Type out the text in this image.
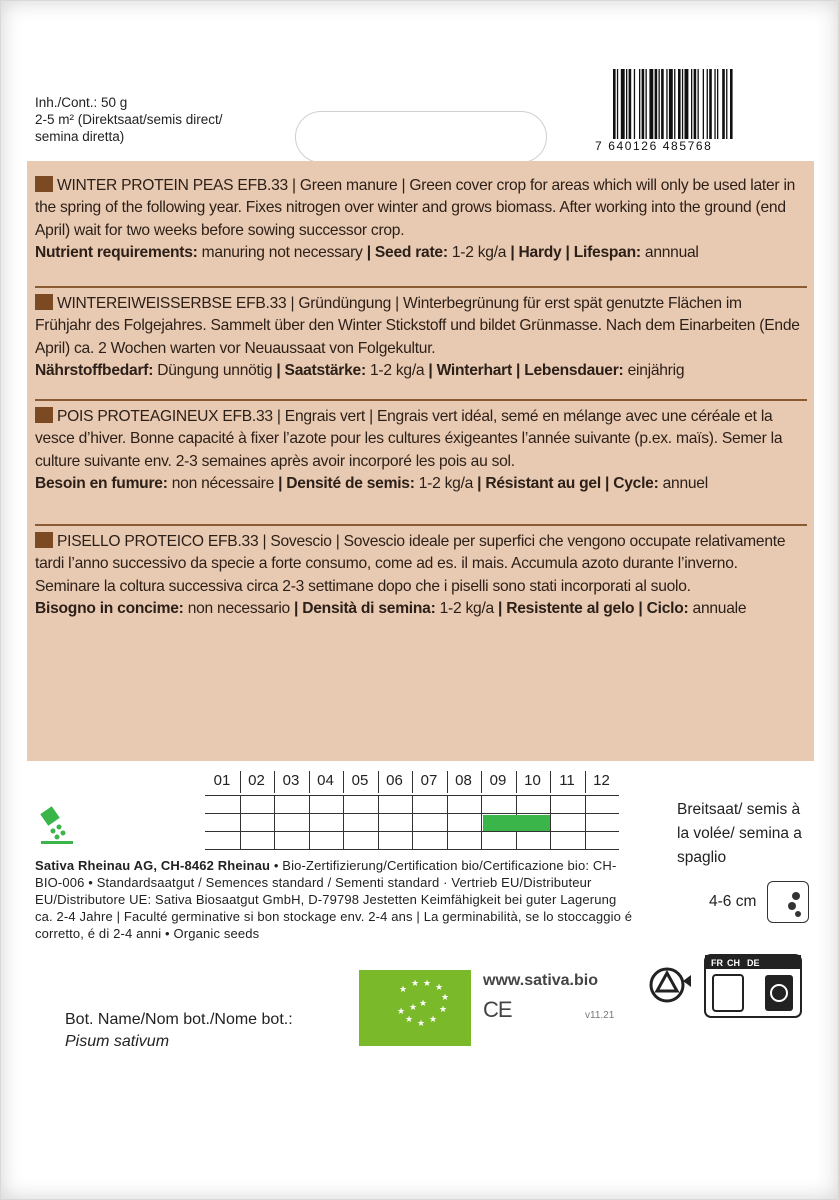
Inh./Cont.: 50 g
2-5 m² (Direktsaat/semis direct/
semina diretta)
7 640126 485768
WINTER PROTEIN PEAS EFB.33 | Green manure | Green cover crop for areas which will only be used later in the spring of the following year. Fixes nitrogen over winter and grows biomass. After working into the ground (end April) wait for two weeks before sowing successor crop.
Nutrient requirements: manuring not necessary | Seed rate: 1-2 kg/a | Hardy | Lifespan: annnual
WINTEREIWEISSERBSE EFB.33 | Gründüngung | Winterbegrünung für erst spät genutzte Flächen im Frühjahr des Folgejahres. Sammelt über den Winter Stickstoff und bildet Grünmasse. Nach dem Einarbeiten (Ende April) ca. 2 Wochen warten vor Neuaussaat von Folgekultur.
Nährstoffbedarf: Düngung unnötig | Saatstärke: 1-2 kg/a | Winterhart | Lebensdauer: einjährig
POIS PROTEAGINEUX EFB.33 | Engrais vert | Engrais vert idéal, semé en mélange avec une céréale et la vesce d’hiver. Bonne capacité à fixer l’azote pour les cultures éxigeantes l’année suivante (p.ex. maïs). Semer la culture suivante env. 2-3 semaines après avoir incorporé les pois au sol.
Besoin en fumure: non nécessaire | Densité de semis: 1-2 kg/a | Résistant au gel | Cycle: annuel
PISELLO PROTEICO EFB.33 | Sovescio | Sovescio ideale per superfici che vengono occupate relativamente tardi l’anno successivo da specie a forte consumo, come ad es. il mais. Accumula azoto durante l’inverno. Seminare la coltura successiva circa 2-3 settimane dopo che i piselli sono stati incorporati al suolo.
Bisogno in concime: non necessario | Densità di semina: 1-2 kg/a | Resistente al gelo | Ciclo: annuale
01	02	03	04	05	06	07	08	09	10	11	12
Breitsaat/ semis à la volée/ semina a spaglio
4-6 cm
Sativa Rheinau AG, CH-8462 Rheinau • Bio-Zertifizierung/Certification bio/Certificazione bio: CH-BIO-006 • Standardsaatgut / Semences standard / Sementi standard · Vertrieb EU/Distributeur EU/Distributore UE: Sativa Biosaatgut GmbH, D-79798 Jestetten Keimfähigkeit bei guter Lagerung ca. 2-4 Jahre | Faculté germinative si bon stockage env. 2-4 ans | La germinabilità, se lo stoccaggio é corretto, é di 2-4 anni • Organic seeds
Bot. Name/Nom bot./Nome bot.:
Pisum sativum
★
★ ★ ★
★
★
★
★
★
★
★
★
www.sativa.bio
CE	v11.21
FR CH DE
